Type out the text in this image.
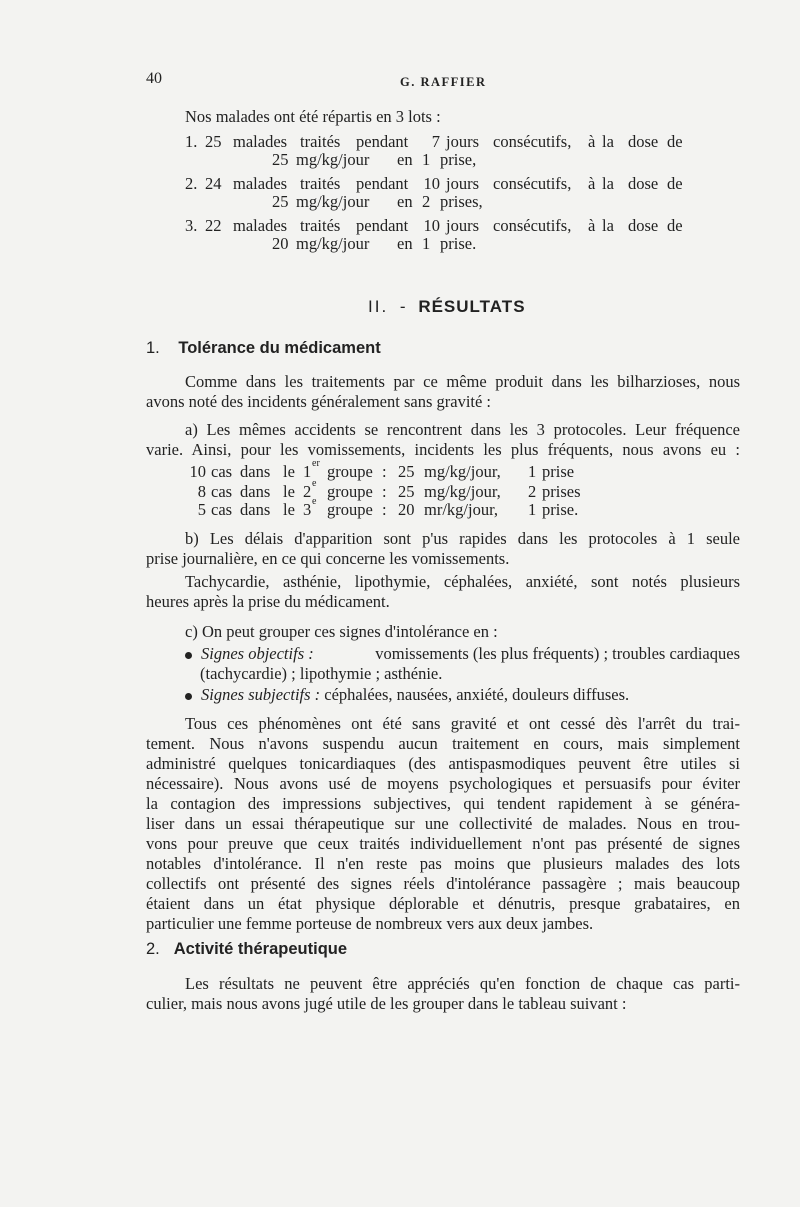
40	G. RAFFIER
Nos malades ont été répartis en 3 lots :
1. 25 malades traités pendant 7 jours consécutifs, à la dose de
25 mg/kg/jour en 1 prise,
2. 24 malades traités pendant 10 jours consécutifs, à la dose de
25 mg/kg/jour en 2 prises,
3. 22 malades traités pendant 10 jours consécutifs, à la dose de
20 mg/kg/jour en 1 prise.
II. - RÉSULTATS
1. Tolérance du médicament
Comme dans les traitements par ce même produit dans les bilharzioses, nous
avons noté des incidents généralement sans gravité :
a) Les mêmes accidents se rencontrent dans les 3 protocoles. Leur fréquence
varie. Ainsi, pour les vomissements, incidents les plus fréquents, nous avons eu :
10 cas dans le 1 er groupe : 25 mg/kg/jour, 1 prise
8 cas dans le 2 e groupe : 25 mg/kg/jour, 2 prises
5 cas dans le 3 e groupe : 20 mr/kg/jour, 1 prise.
b) Les délais d'apparition sont p'us rapides dans les protocoles à 1 seule
prise journalière, en ce qui concerne les vomissements.
Tachycardie, asthénie, lipothymie, céphalées, anxiété, sont notés plusieurs
heures après la prise du médicament.
c) On peut grouper ces signes d'intolérance en :
Signes objectifs :	vomissements (les plus fréquents) ; troubles cardiaques
(tachycardie) ; lipothymie ; asthénie.
Signes subjectifs : céphalées, nausées, anxiété, douleurs diffuses.
Tous ces phénomènes ont été sans gravité et ont cessé dès l'arrêt du trai-
tement. Nous n'avons suspendu aucun traitement en cours, mais simplement
administré quelques tonicardiaques (des antispasmodiques peuvent être utiles si
nécessaire). Nous avons usé de moyens psychologiques et persuasifs pour éviter
la contagion des impressions subjectives, qui tendent rapidement à se généra-
liser dans un essai thérapeutique sur une collectivité de malades. Nous en trou-
vons pour preuve que ceux traités individuellement n'ont pas présenté de signes
notables d'intolérance. Il n'en reste pas moins que plusieurs malades des lots
collectifs ont présenté des signes réels d'intolérance passagère ; mais beaucoup
étaient dans un état physique déplorable et dénutris, presque grabataires, en
particulier une femme porteuse de nombreux vers aux deux jambes.
2. Activité thérapeutique
Les résultats ne peuvent être appréciés qu'en fonction de chaque cas parti-
culier, mais nous avons jugé utile de les grouper dans le tableau suivant :
